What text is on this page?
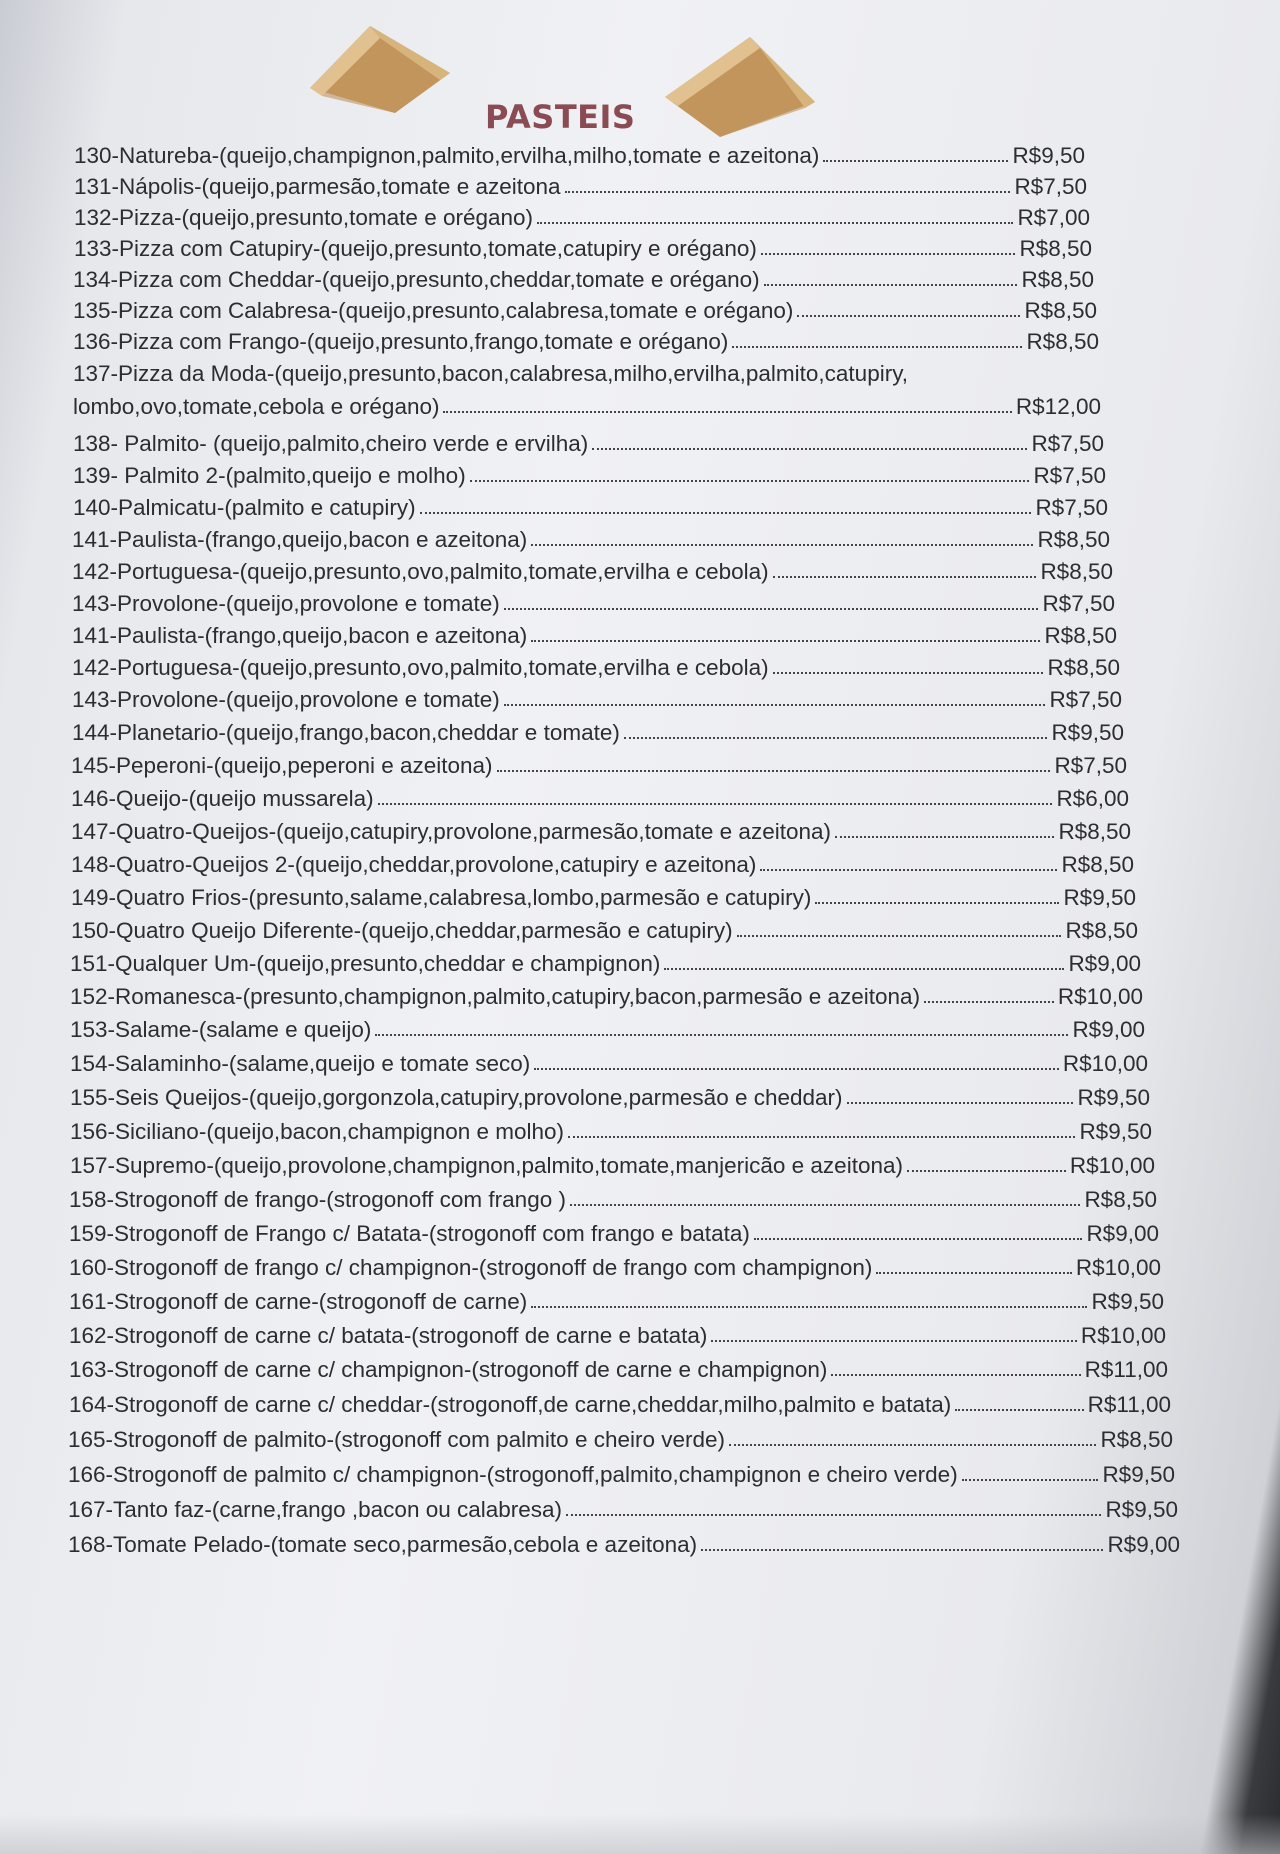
PASTEIS
130-Natureba-(queijo,champignon,palmito,ervilha,milho,tomate e azeitona)	R$9,50
131-Nápolis-(queijo,parmesão,tomate e azeitona	R$7,50
132-Pizza-(queijo,presunto,tomate e orégano)	R$7,00
133-Pizza com Catupiry-(queijo,presunto,tomate,catupiry e orégano)	R$8,50
134-Pizza com Cheddar-(queijo,presunto,cheddar,tomate e orégano)	R$8,50
135-Pizza com Calabresa-(queijo,presunto,calabresa,tomate e orégano)	R$8,50
136-Pizza com Frango-(queijo,presunto,frango,tomate e orégano)	R$8,50
137-Pizza da Moda-(queijo,presunto,bacon,calabresa,milho,ervilha,palmito,catupiry,
lombo,ovo,tomate,cebola e orégano)	R$12,00
138- Palmito- (queijo,palmito,cheiro verde e ervilha)	R$7,50
139- Palmito 2-(palmito,queijo e molho)	R$7,50
140-Palmicatu-(palmito e catupiry)	R$7,50
141-Paulista-(frango,queijo,bacon e azeitona)	R$8,50
142-Portuguesa-(queijo,presunto,ovo,palmito,tomate,ervilha e cebola)	R$8,50
143-Provolone-(queijo,provolone e tomate)	R$7,50
141-Paulista-(frango,queijo,bacon e azeitona)	R$8,50
142-Portuguesa-(queijo,presunto,ovo,palmito,tomate,ervilha e cebola)	R$8,50
143-Provolone-(queijo,provolone e tomate)	R$7,50
144-Planetario-(queijo,frango,bacon,cheddar e tomate)	R$9,50
145-Peperoni-(queijo,peperoni e azeitona)	R$7,50
146-Queijo-(queijo mussarela)	R$6,00
147-Quatro-Queijos-(queijo,catupiry,provolone,parmesão,tomate e azeitona)	R$8,50
148-Quatro-Queijos 2-(queijo,cheddar,provolone,catupiry e azeitona)	R$8,50
149-Quatro Frios-(presunto,salame,calabresa,lombo,parmesão e catupiry)	R$9,50
150-Quatro Queijo Diferente-(queijo,cheddar,parmesão e catupiry)	R$8,50
151-Qualquer Um-(queijo,presunto,cheddar e champignon)	R$9,00
152-Romanesca-(presunto,champignon,palmito,catupiry,bacon,parmesão e azeitona)	R$10,00
153-Salame-(salame e queijo)	R$9,00
154-Salaminho-(salame,queijo e tomate seco)	R$10,00
155-Seis Queijos-(queijo,gorgonzola,catupiry,provolone,parmesão e cheddar)	R$9,50
156-Siciliano-(queijo,bacon,champignon e molho)	R$9,50
157-Supremo-(queijo,provolone,champignon,palmito,tomate,manjericão e azeitona)	R$10,00
158-Strogonoff de frango-(strogonoff com frango )	R$8,50
159-Strogonoff de Frango c/ Batata-(strogonoff com frango e batata)	R$9,00
160-Strogonoff de frango c/ champignon-(strogonoff de frango com champignon)	R$10,00
161-Strogonoff de carne-(strogonoff de carne)	R$9,50
162-Strogonoff de carne c/ batata-(strogonoff de carne e batata)	R$10,00
163-Strogonoff de carne c/ champignon-(strogonoff de carne e champignon)	R$11,00
164-Strogonoff de carne c/ cheddar-(strogonoff,de carne,cheddar,milho,palmito e batata)	R$11,00
165-Strogonoff de palmito-(strogonoff com palmito e cheiro verde)	R$8,50
166-Strogonoff de palmito c/ champignon-(strogonoff,palmito,champignon e cheiro verde)	R$9,50
167-Tanto faz-(carne,frango ,bacon ou calabresa)	R$9,50
168-Tomate Pelado-(tomate seco,parmesão,cebola e azeitona)	R$9,00
